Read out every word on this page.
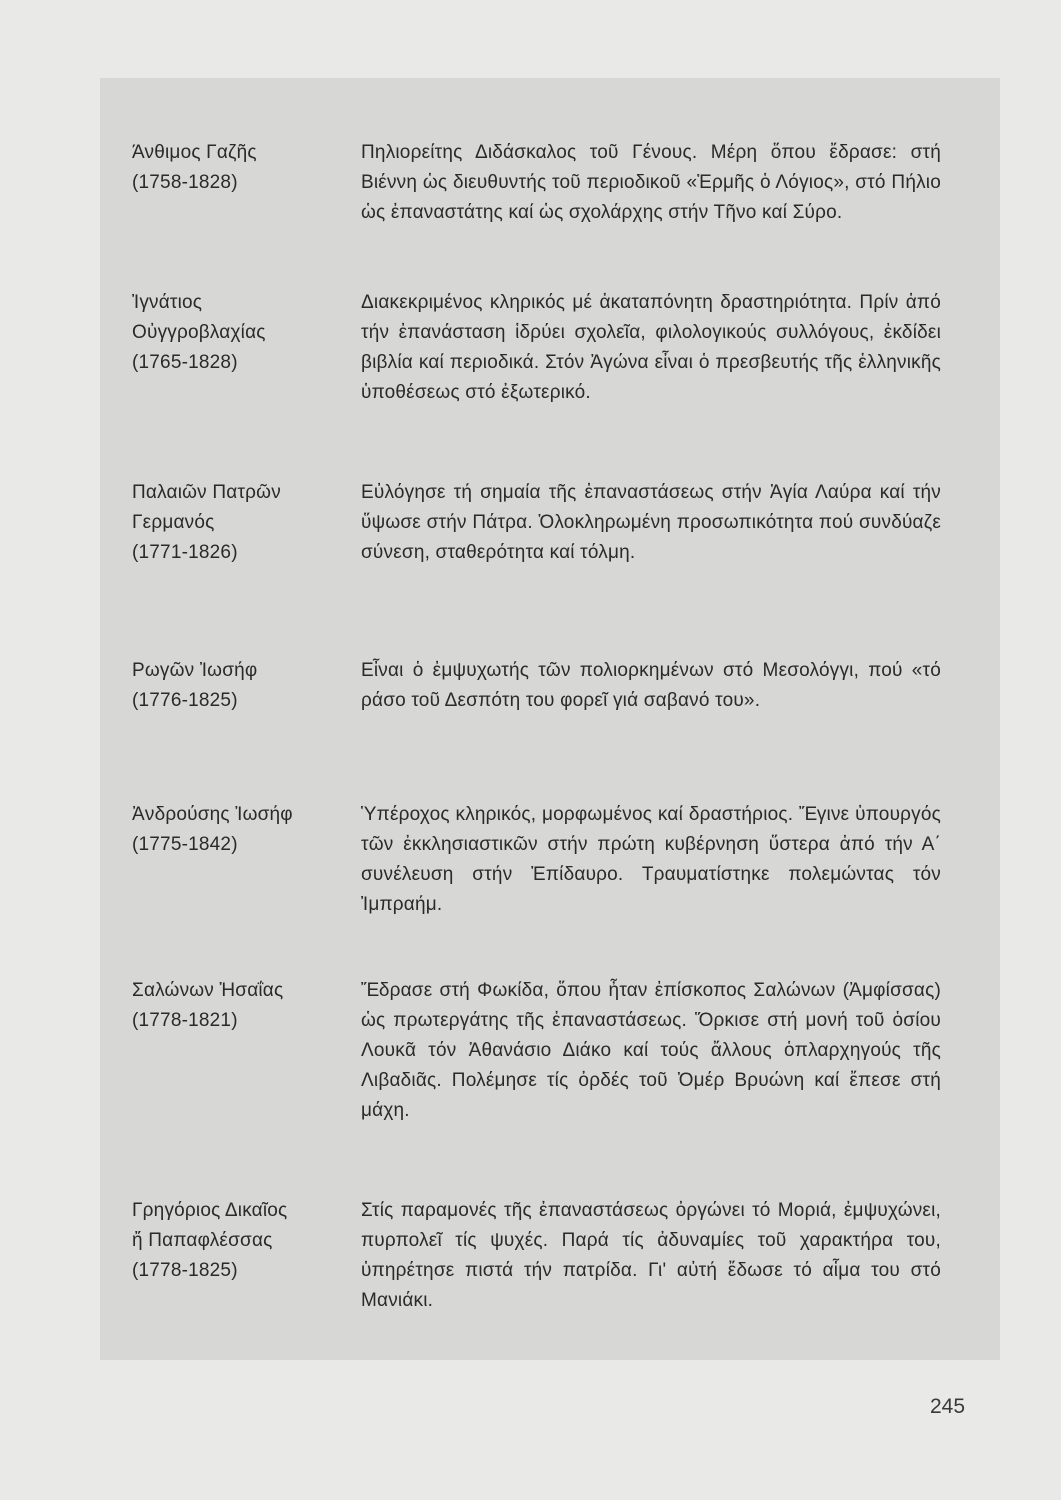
Άνθιμος Γαζῆς
(1758-1828)
Πηλιορείτης Διδάσκαλος τοῦ Γένους. Μέρη ὅπου ἔδρασε: στή Βιέννη ὡς διευθυντής τοῦ περιοδικοῦ «Ἑρμῆς ὁ Λόγιος», στό Πήλιο ὡς ἐπαναστάτης καί ὡς σχολάρχης στήν Τῆνο καί Σύρο.
Ἰγνάτιος
Οὐγγροβλαχίας
(1765-1828)
Διακεκριμένος κληρικός μέ ἀκαταπόνητη δραστηριότητα. Πρίν ἀπό τήν ἐπανάσταση ἱδρύει σχολεῖα, φιλολογικούς συλλόγους, ἐκδίδει βιβλία καί περιοδικά. Στόν Ἀγώνα εἶναι ὁ πρεσβευτής τῆς ἑλληνικῆς ὑποθέσεως στό ἐξωτερικό.
Παλαιῶν Πατρῶν
Γερμανός
(1771-1826)
Εὐλόγησε τή σημαία τῆς ἐπαναστάσεως στήν Ἁγία Λαύρα καί τήν ὕψωσε στήν Πάτρα. Ὁλοκληρωμένη προσωπικότητα πού συνδύαζε σύνεση, σταθερότητα καί τόλμη.
Ρωγῶν Ἰωσήφ
(1776-1825)
Εἶναι ὁ ἐμψυχωτής τῶν πολιορκημένων στό Μεσολόγγι, πού «τό ράσο τοῦ Δεσπότη του φορεῖ γιά σαβανό του».
Ἀνδρούσης Ἰωσήφ
(1775-1842)
Ὑπέροχος κληρικός, μορφωμένος καί δραστήριος. Ἔγινε ὑπουργός τῶν ἐκκλησιαστικῶν στήν πρώτη κυβέρνηση ὕστερα ἀπό τήν Α΄ συνέλευση στήν Ἐπίδαυρο. Τραυματίστηκε πολεμώντας τόν Ἰμπραήμ.
Σαλώνων Ἠσαΐας
(1778-1821)
Ἔδρασε στή Φωκίδα, ὅπου ἦταν ἐπίσκοπος Σαλώνων (Ἀμφίσσας) ὡς πρωτεργάτης τῆς ἐπαναστάσεως. Ὅρκισε στή μονή τοῦ ὁσίου Λουκᾶ τόν Ἀθανάσιο Διάκο καί τούς ἄλλους ὁπλαρχηγούς τῆς Λιβαδιᾶς. Πολέμησε τίς ὀρδές τοῦ Ὀμέρ Βρυώνη καί ἔπεσε στή μάχη.
Γρηγόριος Δικαῖος
ἤ Παπαφλέσσας
(1778-1825)
Στίς παραμονές τῆς ἐπαναστάσεως ὀργώνει τό Μοριά, ἐμψυχώνει, πυρπολεῖ τίς ψυχές. Παρά τίς ἀδυναμίες τοῦ χαρακτήρα του, ὑπηρέτησε πιστά τήν πατρίδα. Γι' αὐτή ἔδωσε τό αἷμα του στό Μανιάκι.
245
